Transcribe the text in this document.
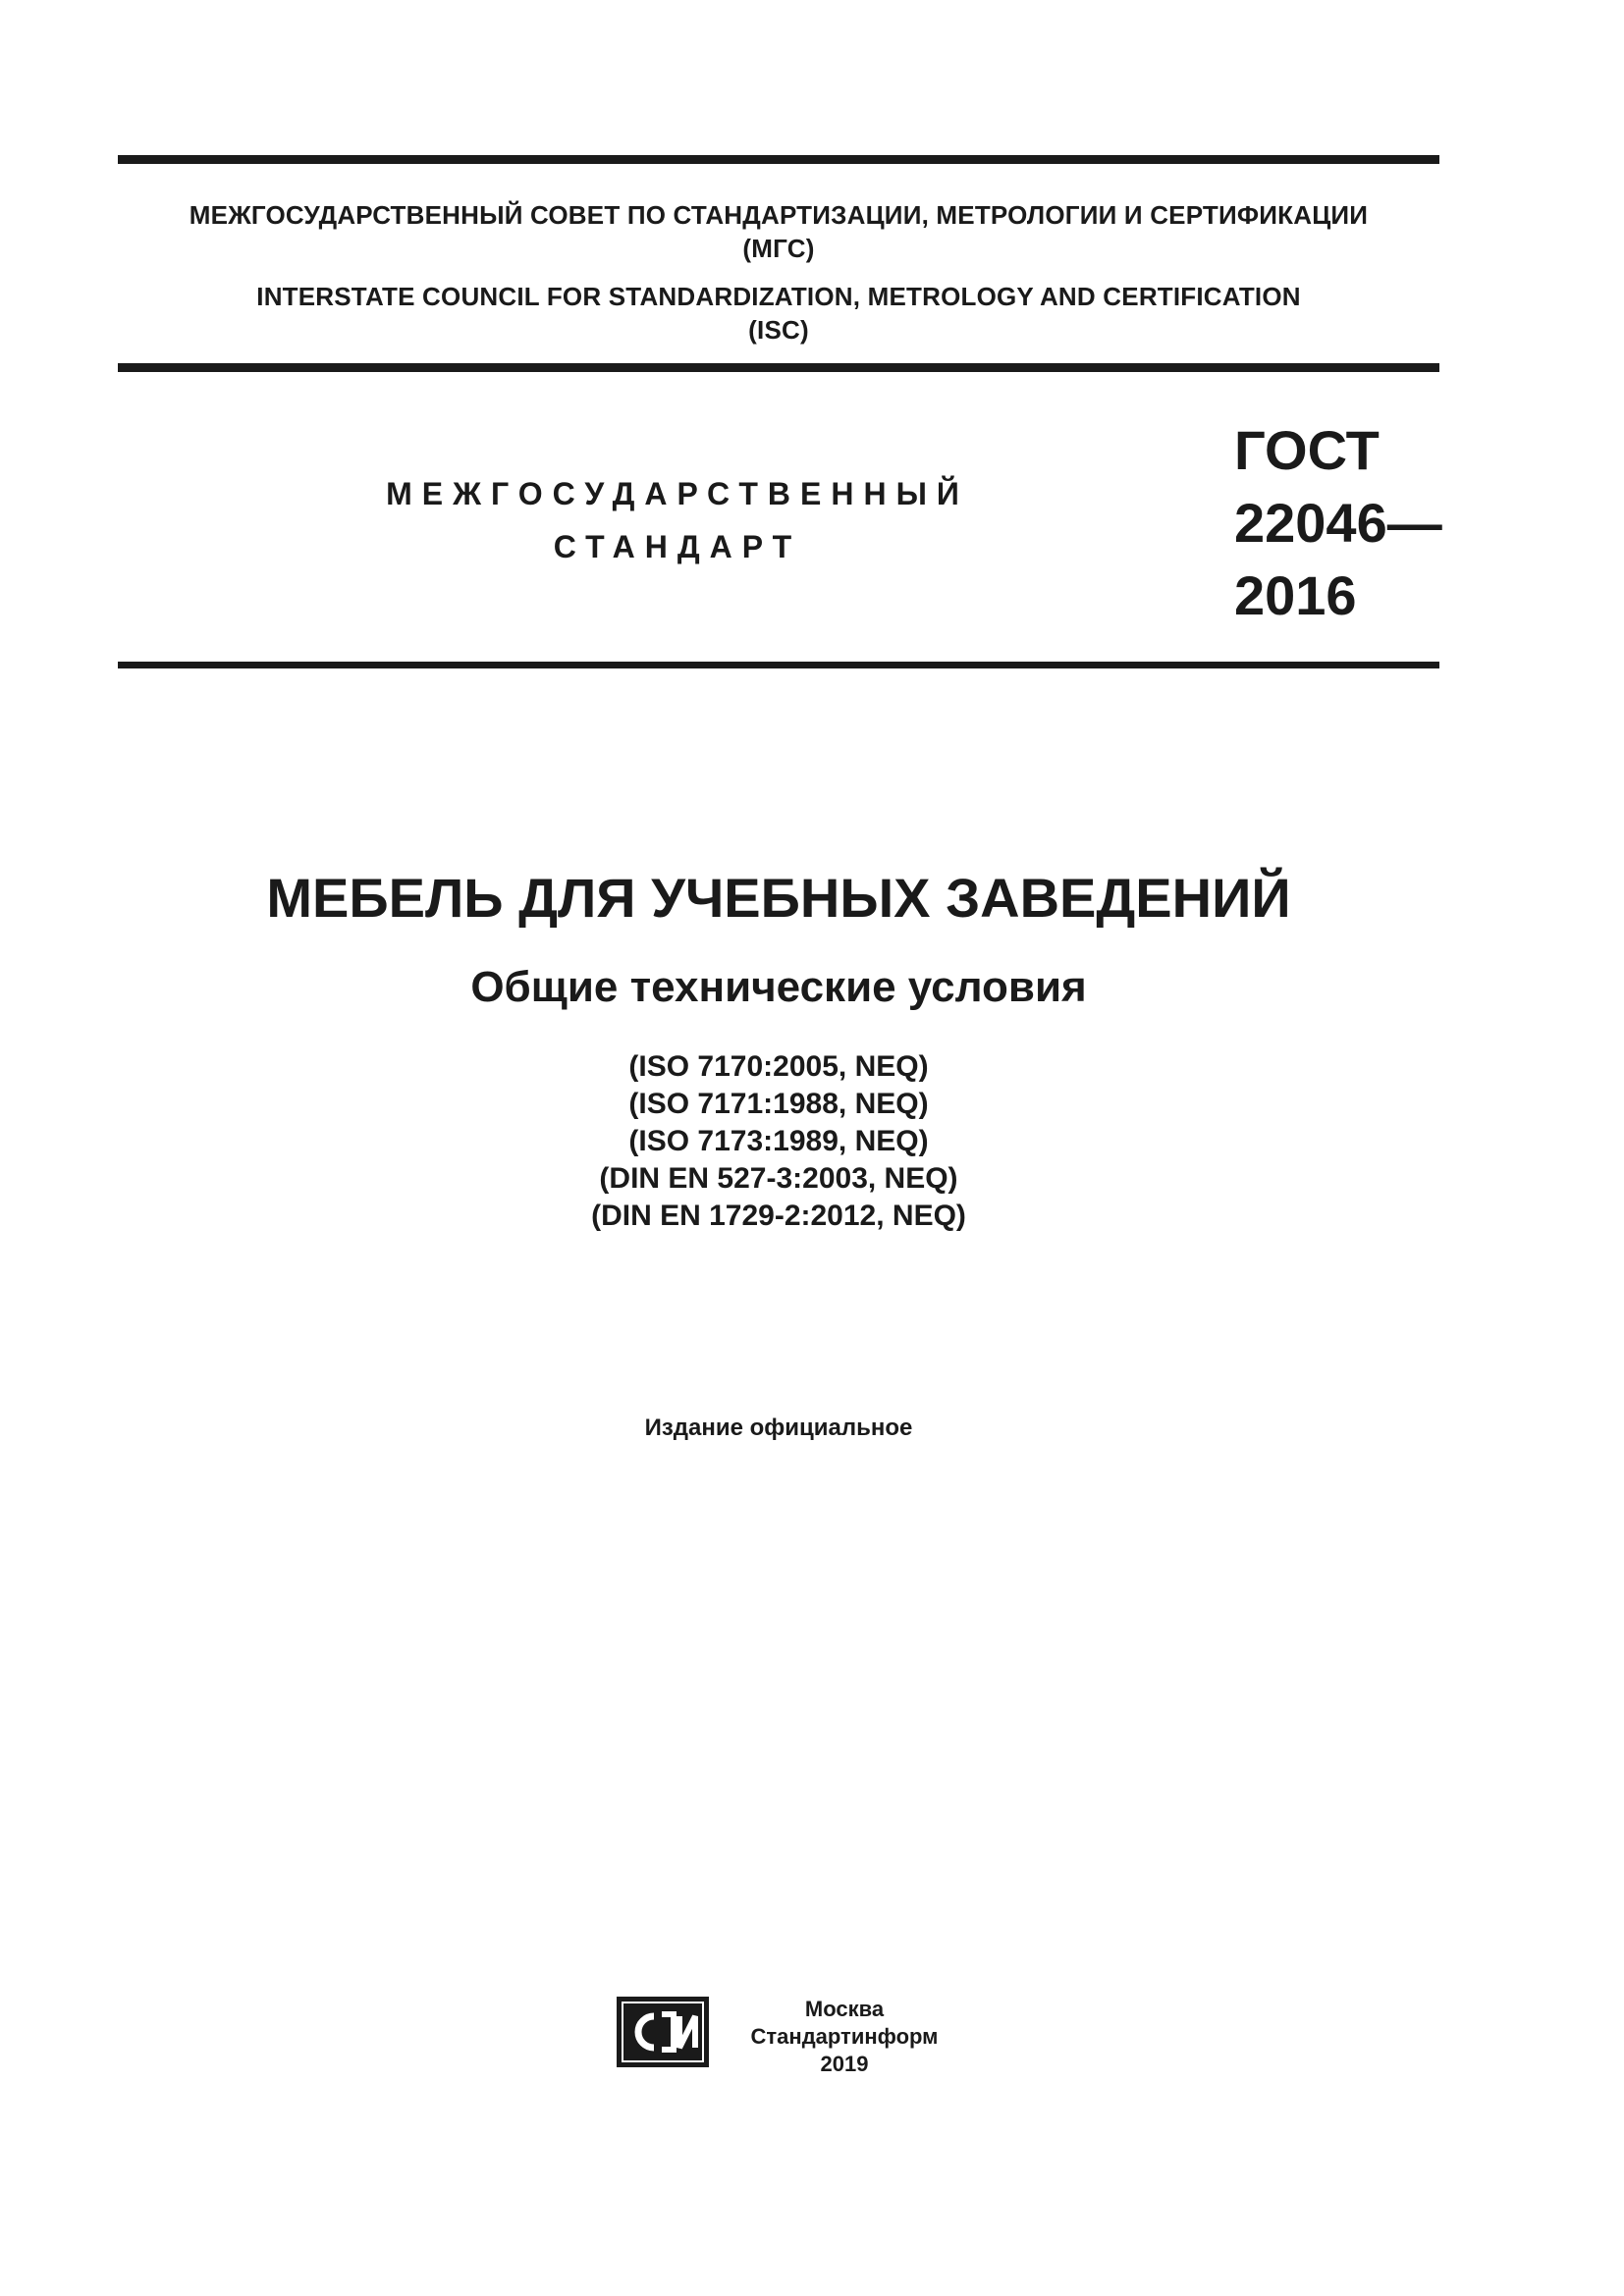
МЕЖГОСУДАРСТВЕННЫЙ СОВЕТ ПО СТАНДАРТИЗАЦИИ, МЕТРОЛОГИИ И СЕРТИФИКАЦИИ
(МГС)
INTERSTATE COUNCIL FOR STANDARDIZATION, METROLOGY AND CERTIFICATION
(ISC)
МЕЖГОСУДАРСТВЕННЫЙ
СТАНДАРТ
ГОСТ
22046—
2016
МЕБЕЛЬ ДЛЯ УЧЕБНЫХ ЗАВЕДЕНИЙ
Общие технические условия
(ISO 7170:2005, NEQ)
(ISO 7171:1988, NEQ)
(ISO 7173:1989, NEQ)
(DIN EN 527-3:2003, NEQ)
(DIN EN 1729-2:2012, NEQ)
Издание официальное
Москва
Стандартинформ
2019
